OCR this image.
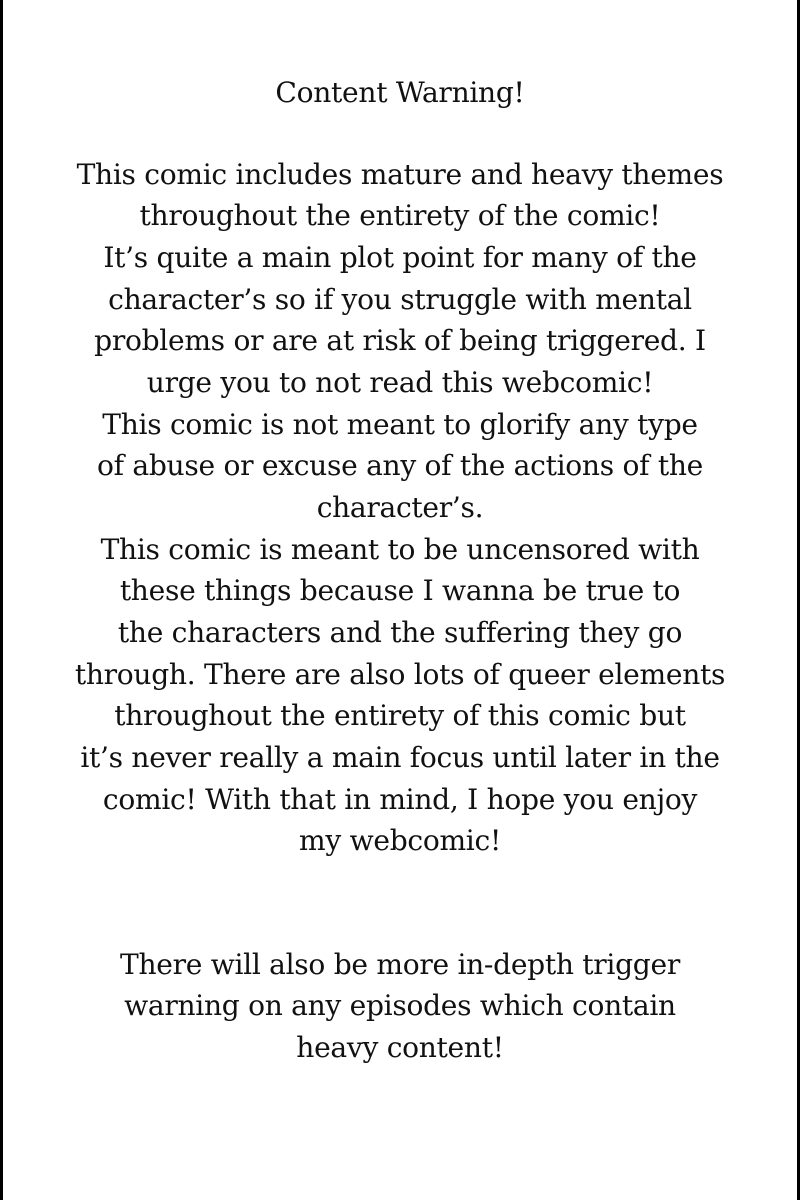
Content Warning!
This comic includes mature and heavy themes
throughout the entirety of the comic!
It’s quite a main plot point for many of the
character’s so if you struggle with mental
problems or are at risk of being triggered. I
urge you to not read this webcomic!
This comic is not meant to glorify any type
of abuse or excuse any of the actions of the
character’s.
This comic is meant to be uncensored with
these things because I wanna be true to
the characters and the suffering they go
through. There are also lots of queer elements
throughout the entirety of this comic but
it’s never really a main focus until later in the
comic! With that in mind, I hope you enjoy
my webcomic!
There will also be more in-depth trigger
warning on any episodes which contain
heavy content!
